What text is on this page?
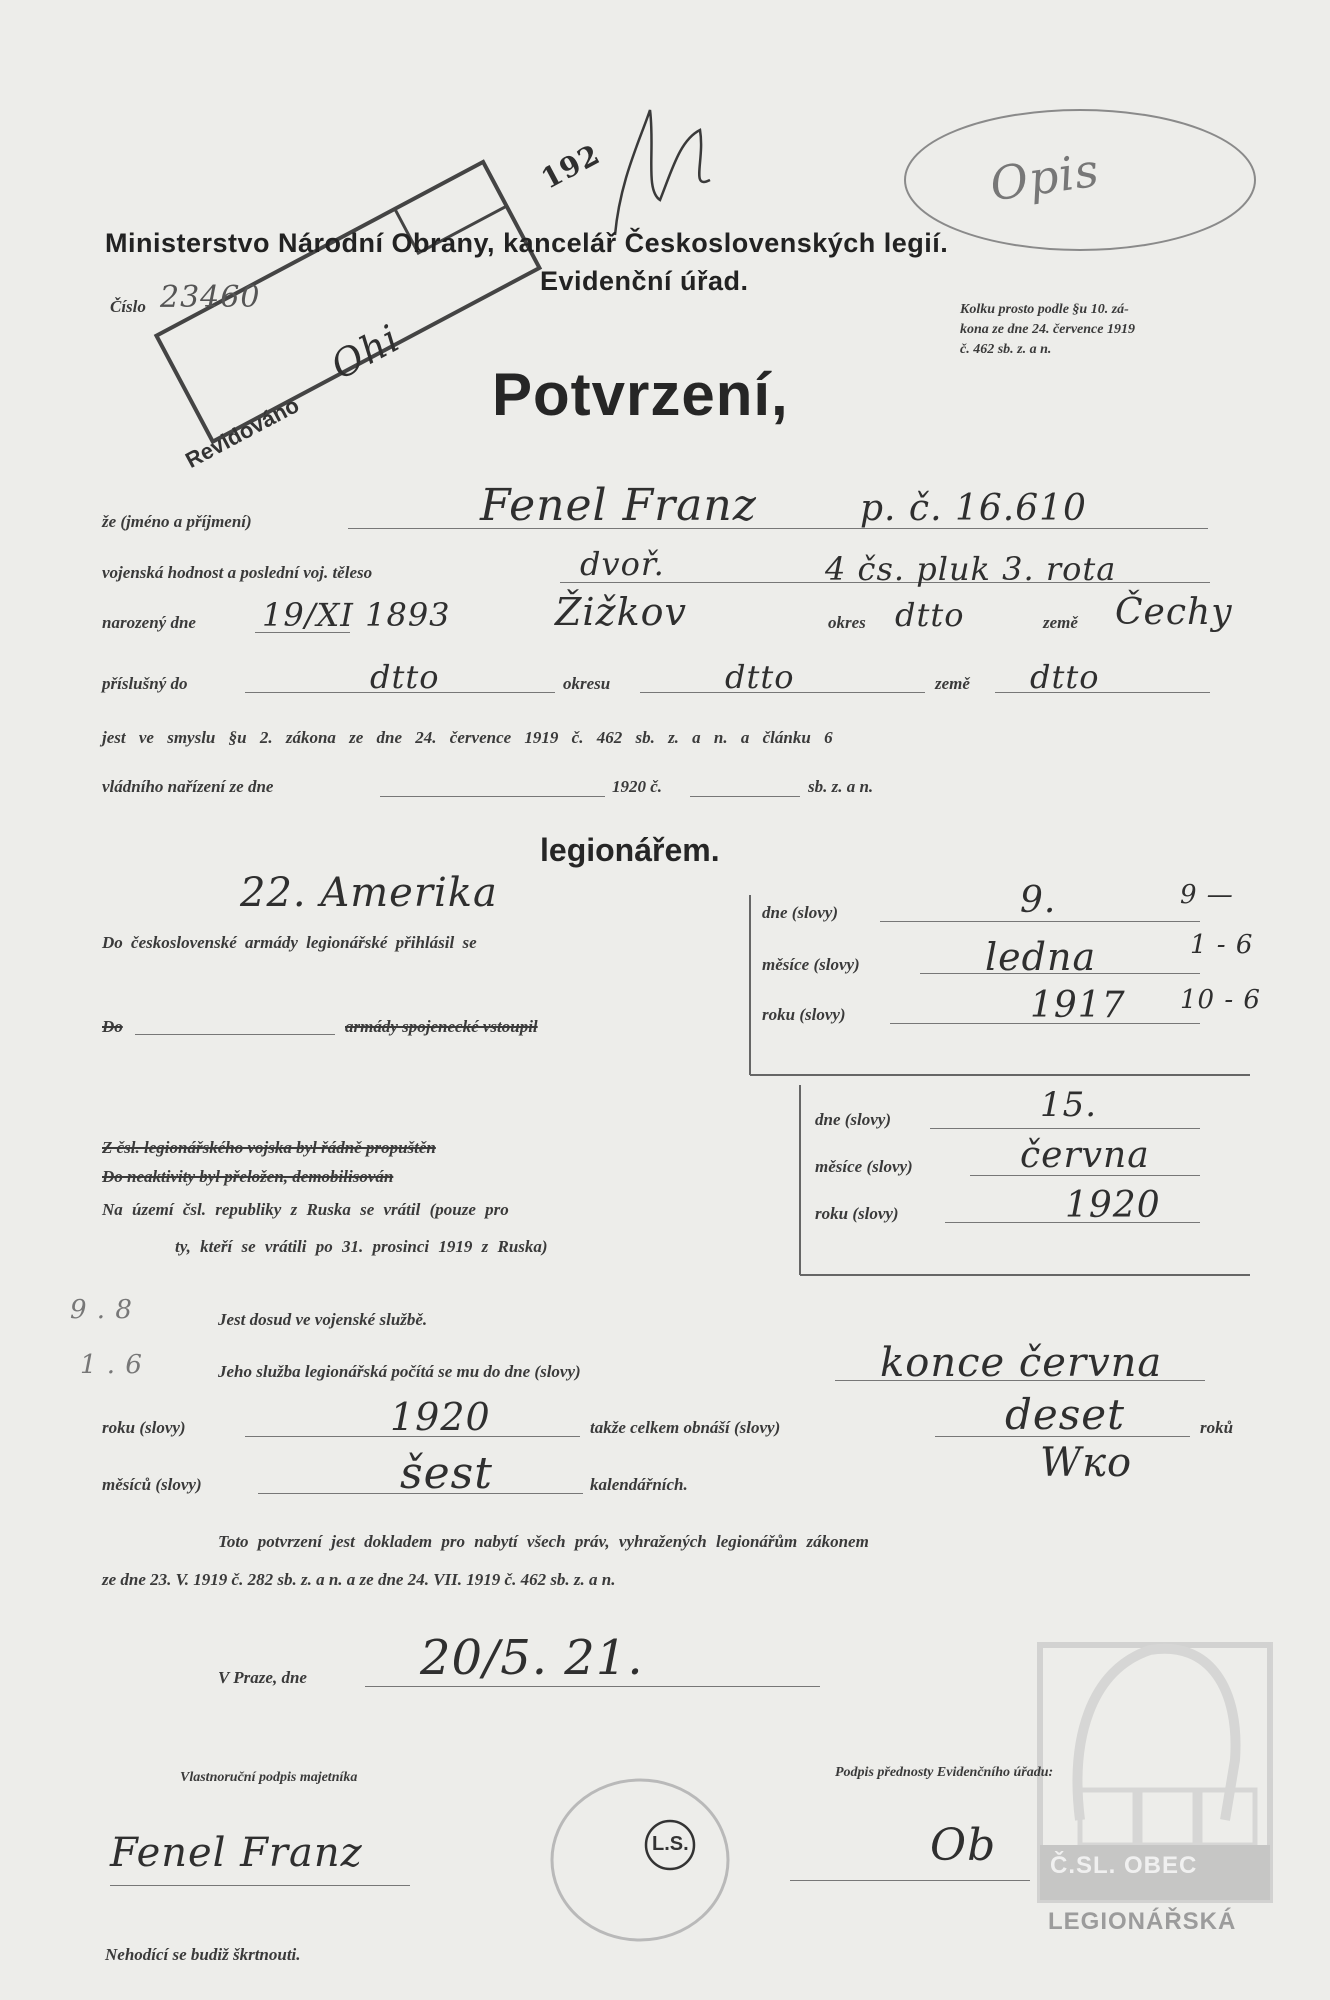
192
Revidováno
Ohi
Opis
Ministerstvo Národní Obrany, kancelář Československých legií.
Evidenční úřad.
Číslo 23460	Kolku prosto podle §u 10. zá-
kona ze dne 24. července 1919
č. 462 sb. z. a n.
Potvrzení,
že (jméno a příjmení)	Fenel Franz	p. č. 16.610
vojenská hodnost a poslední voj. těleso	dvoř.	4 čs. pluk 3. rota
narozený dne 19/XI 1893	Žižkov	okres dtto	země Čechy
příslušný do	dtto	okresu	dtto	země dtto
jest ve smyslu §u 2. zákona ze dne 24. července 1919 č. 462 sb. z. a n. a článku 6
vládního nařízení ze dne	1920 č.	sb. z. a n.
legionářem.
22. Amerika
Do československé armády legionářské přihlásil se
Do	armády spojenecké vstoupil
dne (slovy)	9.
měsíce (slovy)	ledna
roku (slovy)	1917
9 —
1 - 6
10 - 6
Z čsl. legionářského vojska byl řádně propuštěn
Do neaktivity byl přeložen, demobilisován
Na území čsl. republiky z Ruska se vrátil (pouze pro
ty, kteří se vrátili po 31. prosinci 1919 z Ruska)
dne (slovy)	15.
měsíce (slovy)	června
roku (slovy)	1920
9 . 8
1 . 6
Jest dosud ve vojenské službě.
Jeho služba legionářská počítá se mu do dne (slovy)	konce června
roku (slovy)	1920	takže celkem obnáší (slovy)	deset	roků
měsíců (slovy)	šest	kalendářních.	Wко
Toto potvrzení jest dokladem pro nabytí všech práv, vyhražených legionářům zákonem
ze dne 23. V. 1919 č. 282 sb. z. a n. a ze dne 24. VII. 1919 č. 462 sb. z. a n.
V Praze, dne 20/5. 21.
Vlastnoruční podpis majetníka	Podpis přednosty Evidenčního úřadu:
Fenel Franz	Ob
L.S.
Nehodící se budiž škrtnouti.
Č.SL. OBEC
LEGIONÁŘSKÁ
